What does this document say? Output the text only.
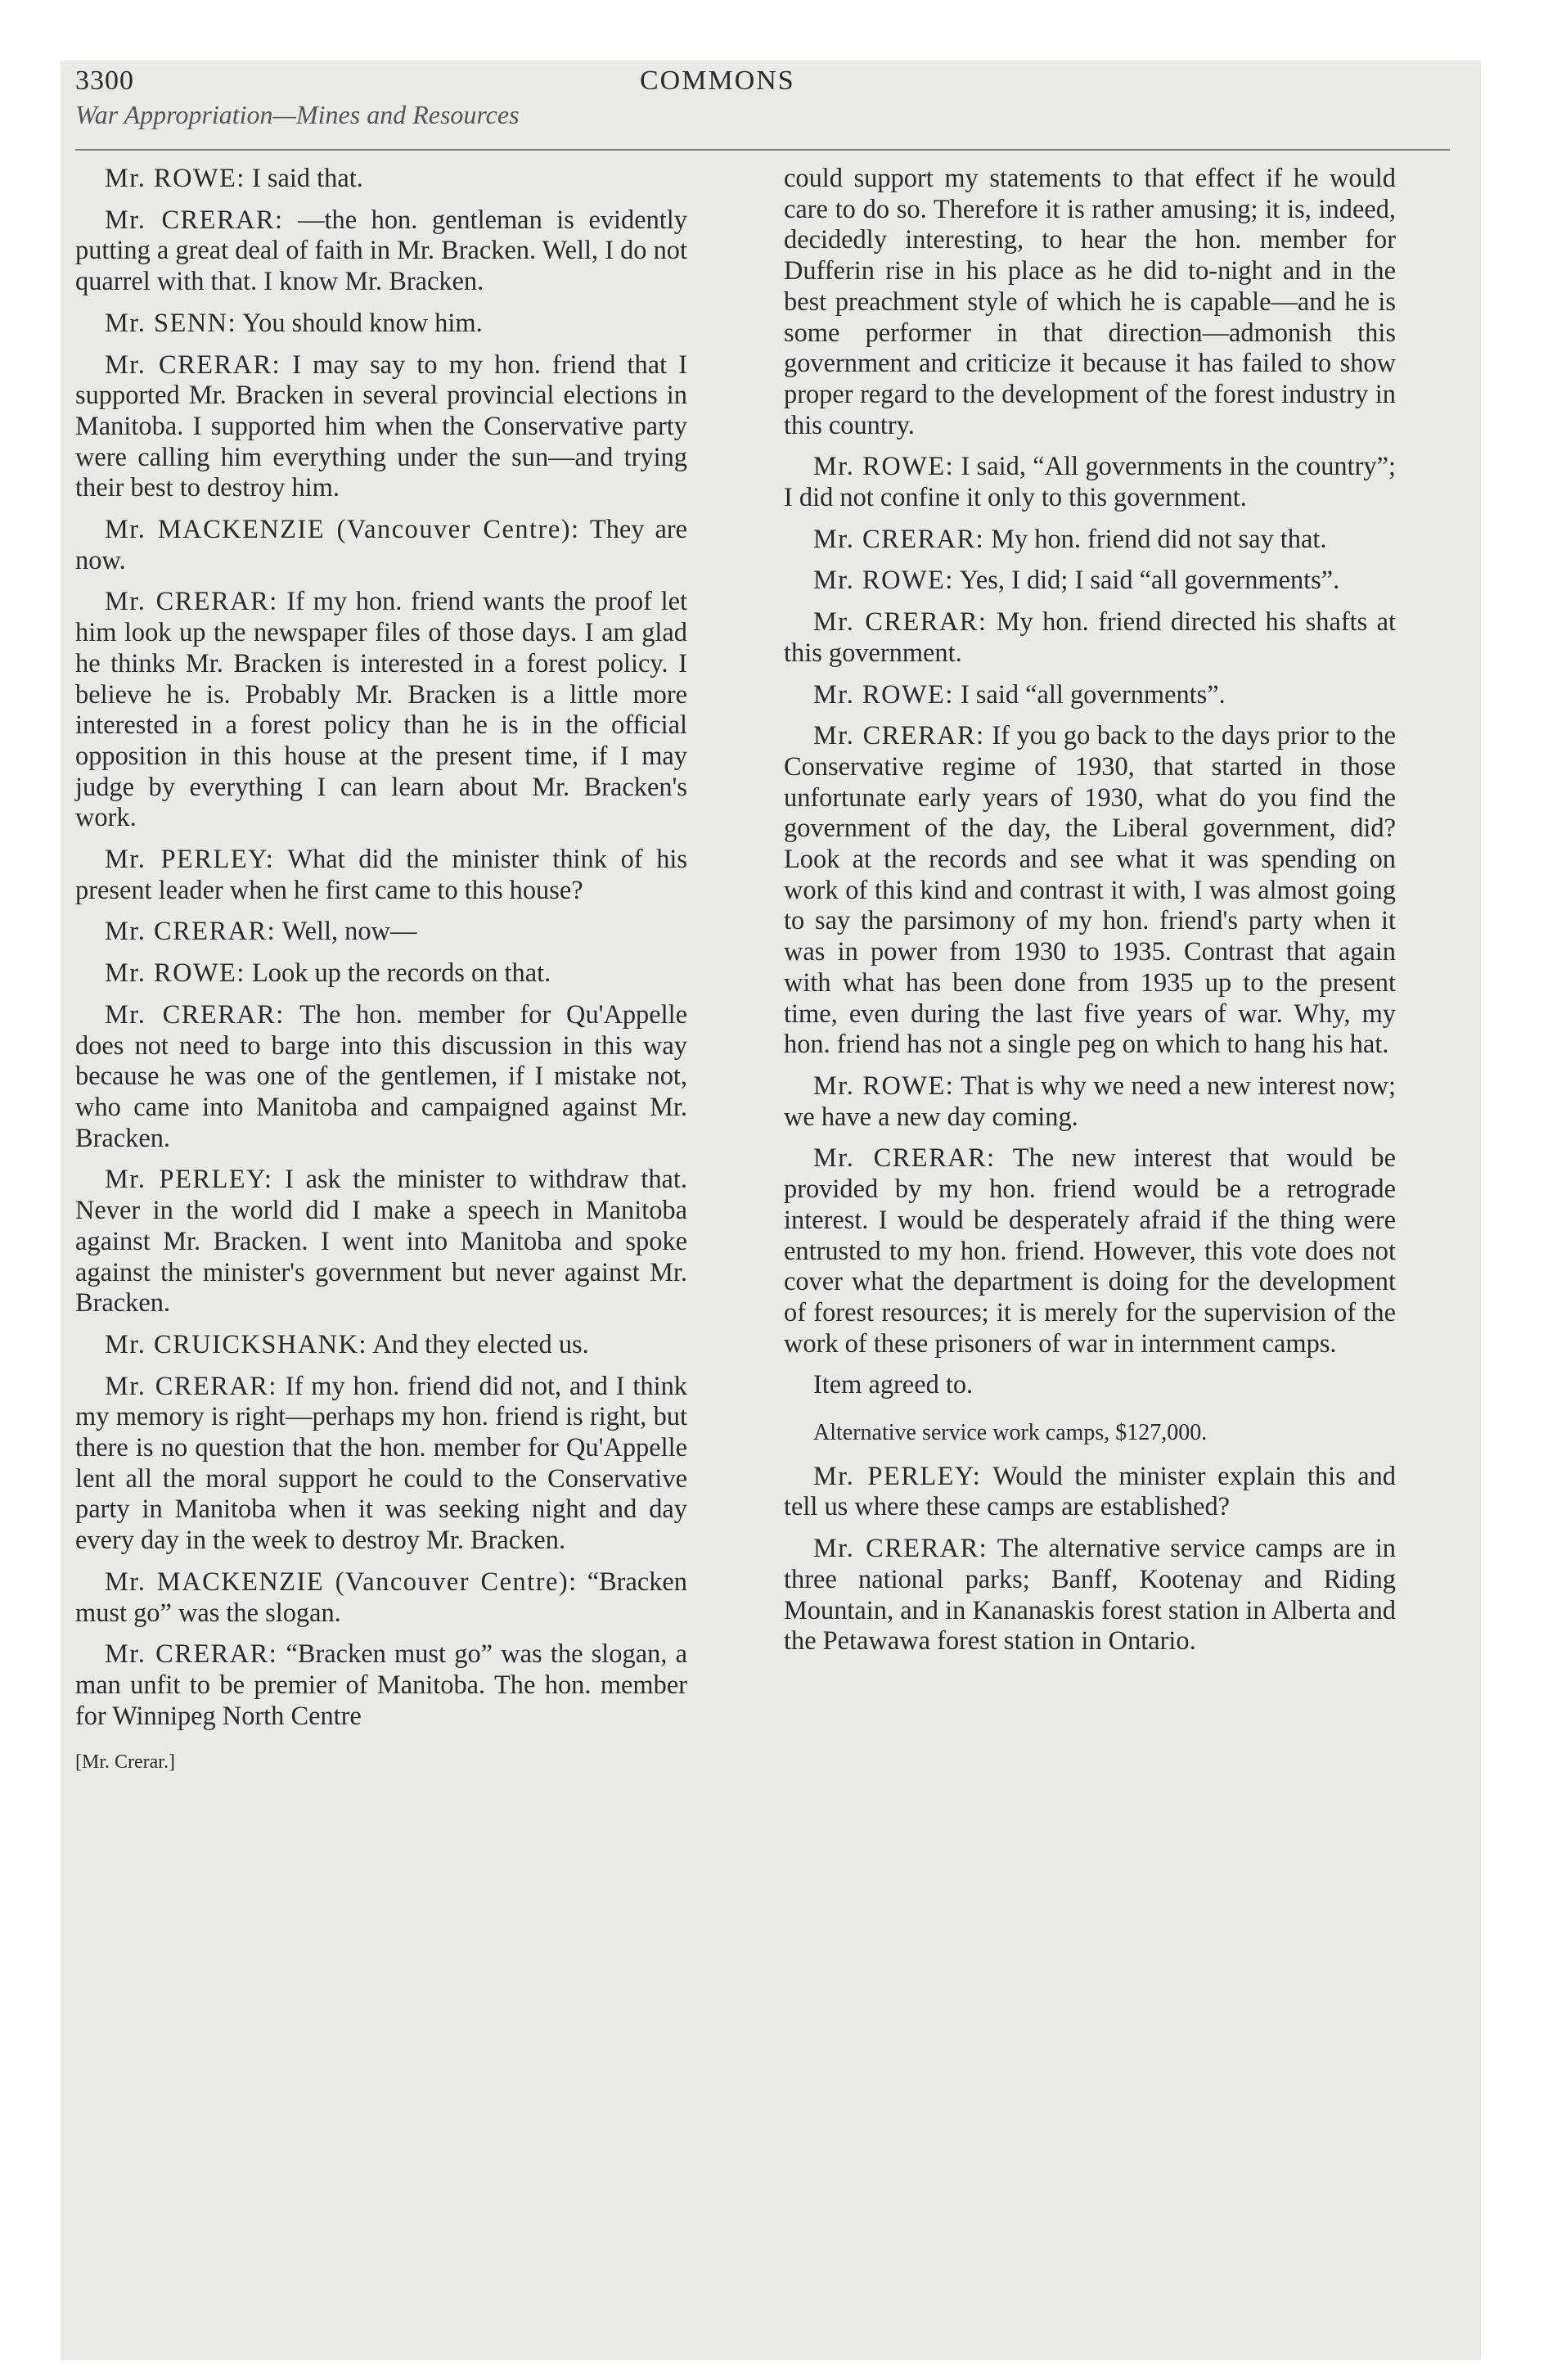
3300	COMMONS
War Appropriation—Mines and Resources

Mr. ROWE: I said that.

Mr. CRERAR: —the hon. gentleman is evidently putting a great deal of faith in Mr. Bracken. Well, I do not quarrel with that. I know Mr. Bracken.

Mr. SENN: You should know him.

Mr. CRERAR: I may say to my hon. friend that I supported Mr. Bracken in several provincial elections in Manitoba. I supported him when the Conservative party were calling him everything under the sun—and trying their best to destroy him.

Mr. MACKENZIE (Vancouver Centre): They are now.

Mr. CRERAR: If my hon. friend wants the proof let him look up the newspaper files of those days. I am glad he thinks Mr. Bracken is interested in a forest policy. I believe he is. Probably Mr. Bracken is a little more interested in a forest policy than he is in the official opposition in this house at the present time, if I may judge by everything I can learn about Mr. Bracken's work.

Mr. PERLEY: What did the minister think of his present leader when he first came to this house?

Mr. CRERAR: Well, now—

Mr. ROWE: Look up the records on that.

Mr. CRERAR: The hon. member for Qu'Appelle does not need to barge into this discussion in this way because he was one of the gentlemen, if I mistake not, who came into Manitoba and campaigned against Mr. Bracken.

Mr. PERLEY: I ask the minister to withdraw that. Never in the world did I make a speech in Manitoba against Mr. Bracken. I went into Manitoba and spoke against the minister's government but never against Mr. Bracken.

Mr. CRUICKSHANK: And they elected us.

Mr. CRERAR: If my hon. friend did not, and I think my memory is right—perhaps my hon. friend is right, but there is no question that the hon. member for Qu'Appelle lent all the moral support he could to the Conservative party in Manitoba when it was seeking night and day every day in the week to destroy Mr. Bracken.

Mr. MACKENZIE (Vancouver Centre): “Bracken must go” was the slogan.

Mr. CRERAR: “Bracken must go” was the slogan, a man unfit to be premier of Manitoba. The hon. member for Winnipeg North Centre

[Mr. Crerar.]

could support my statements to that effect if he would care to do so. Therefore it is rather amusing; it is, indeed, decidedly interesting, to hear the hon. member for Dufferin rise in his place as he did to-night and in the best preachment style of which he is capable—and he is some performer in that direction—admonish this government and criticize it because it has failed to show proper regard to the development of the forest industry in this country.

Mr. ROWE: I said, “All governments in the country”; I did not confine it only to this government.

Mr. CRERAR: My hon. friend did not say that.

Mr. ROWE: Yes, I did; I said “all governments”.

Mr. CRERAR: My hon. friend directed his shafts at this government.

Mr. ROWE: I said “all governments”.

Mr. CRERAR: If you go back to the days prior to the Conservative regime of 1930, that started in those unfortunate early years of 1930, what do you find the government of the day, the Liberal government, did? Look at the records and see what it was spending on work of this kind and contrast it with, I was almost going to say the parsimony of my hon. friend's party when it was in power from 1930 to 1935. Contrast that again with what has been done from 1935 up to the present time, even during the last five years of war. Why, my hon. friend has not a single peg on which to hang his hat.

Mr. ROWE: That is why we need a new interest now; we have a new day coming.

Mr. CRERAR: The new interest that would be provided by my hon. friend would be a retrograde interest. I would be desperately afraid if the thing were entrusted to my hon. friend. However, this vote does not cover what the department is doing for the development of forest resources; it is merely for the supervision of the work of these prisoners of war in internment camps.

Item agreed to.

Alternative service work camps, $127,000.

Mr. PERLEY: Would the minister explain this and tell us where these camps are established?

Mr. CRERAR: The alternative service camps are in three national parks; Banff, Kootenay and Riding Mountain, and in Kananaskis forest station in Alberta and the Petawawa forest station in Ontario.
